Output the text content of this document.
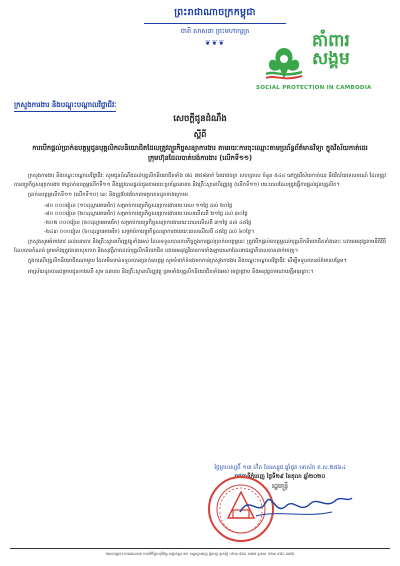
ព្រះរាជាណាចក្រកម្ពុជា
ជាតិ សាសនា ព្រះមហាក្សត្រ
❦❦❦	គាំពារ
សង្គម
SOCIAL PROTECTION IN CAMBODIA
ក្រសួងការងារ និងបណ្តុះបណ្តាលវិជ្ជាជីវៈ
សេចក្តីជូនដំណឹង
ស្តីពី
ការបើកផ្តល់ប្រាក់ឧបត្ថម្ភជូនបុគ្គលិកលនិយោជិតដែលត្រូវព្យួរកិច្ចសន្យាការងារ តាមរយៈការចុះឈ្មោះតាមប្រព័ន្ធព័ត៌មានវិទ្យា ក្នុងវិស័យកាត់ដេរ ក្រុមហ៊ុនដែលបាត់បង់ការងារ (លើកទី១១)

ក្រសួងការងារ និងបណ្តុះបណ្តាលវិជ្ជាជីវៈ សូមជូនដំណឹងដល់បុគ្គលិកនិយោជិតទាំង ៧៤ ៧៥៨នាក់ នៃរោងចក្រ សហគ្រាស ចំនួន ៥៤៤ នៅក្នុងវិស័យកាត់ដេរ និងវិស័យទេសចរណ៍ ដែលត្រូវបានព្យួរកិច្ចសន្យាការងារ ថាប្រាក់ឧបត្ថម្ភលើកទី១១ នឹងត្រូវបានផ្តល់ជូនតាមរយៈប្រព័ន្ធធនាគារ និងគ្រឹះស្ថានហិរញ្ញវត្ថុ (លើកទី១១) រយៈពេលដែលត្រូវធ្វើការផ្តល់ជូនបុគ្គលិក។

ប្រាក់ឧបត្ថម្ភលើកទី១១ (លើកទី១០) នេះ និងត្រូវបែងចែកតាមប្រភេទដូចខាងក្រោម៖

-៨០ ០០០រៀល (១០ដុល្លារអាមេរិក) សម្រាប់ការព្យួរកិច្ចសន្យាការងាររយៈពេល ១១ថ្ងៃ ដល់ ២០ថ្ងៃ
-៨០ ០០០រៀល (២០ដុល្លារអាមេរិក) សម្រាប់ការព្យួរកិច្ចសន្យាការងាររយៈពេលលើសពី ២១ថ្ងៃ ដល់ ៣០ថ្ងៃ
-២០២ ០០០រៀល (៥០ដុល្លារអាមេរិក) សម្រាប់ការព្យួរកិច្ចសន្យាការងាររយៈពេលលើសពី ៣១ថ្ងៃ ដល់ ៤៥ថ្ងៃ
-២៤៣ ០០០រៀល (៦០ដុល្លារអាមេរិក) សម្រាប់ការព្យួរកិច្ចសន្យាការងាររយៈពេលលើសពី ៤៥ថ្ងៃ ដល់ ៦០ថ្ងៃ។

ក្រសួងសូមអំពាវនាវ ដល់ធនាគារ និងគ្រឹះស្ថានហិរញ្ញវត្ថុទាំងអស់ ដែលទទួលបានភារកិច្ចក្នុងការផ្តល់ប្រាក់ឧបត្ថម្ភនេះ ត្រូវបើកផ្តល់ឧបត្ថម្ភដល់បុគ្គលិកនិយោជិតទាំងនោះ ដោយអនុវត្តតាមនីតិវិធីដែលបានកំណត់ ព្រមទាំងត្រូវធានាសុខភាព និងសុវត្ថិភាពដល់បុគ្គលិកនិយោជិត ដោយអនុវត្តវិធានការទាំងឡាយណាដែលរាជរដ្ឋាភិបាលបានដាក់ចេញ។

ក្នុងករណីបុគ្គលិកនិយោជិតណាមួយ ដែលមិនទាន់ទទួលបានប្រាក់ឧបត្ថម្ភ សូមទំនាក់ទំនងមកកាន់ក្រសួងការងារ និងបណ្តុះបណ្តាលវិជ្ជាជីវៈ ដើម្បីទទួលបានព័ត៌មានបន្ថែម។

អាស្រ័យដូចបានជម្រាបជូនខាងលើ សូម ធនាគារ និងគ្រឹះស្ថានហិរញ្ញវត្ថុ ព្រមទាំងបុគ្គលិកនិយោជិតទាំងអស់ មេត្តាជ្រាប និងអនុវត្តតាមដោយក្តីអនុគ្រោះ។

ថ្ងៃព្រហស្បតិ៍ ១៣ កើត ខែអស្សុជ ឆ្នាំជូត ទោស័ក ព.ស.២៥៦៤
រាជធានីភ្នំពេញ ថ្ងៃទី២៩ ខែតុលា ឆ្នាំ២០២០
រដ្ឋមន្ត្រី
អាសយដ្ឋាន៖ អាគារលេខ៣ មហាវិថីព្រះមុនីវង្ស សង្កាត់ស្រះចក ខណ្ឌដូនពេញ ភ្នំពេញ ទូរស័ព្ទ ០២៣ ៨៨៤ ៣៧៥ ទូរសារ ០២៣ ៨៨៤ ៣៧៦
